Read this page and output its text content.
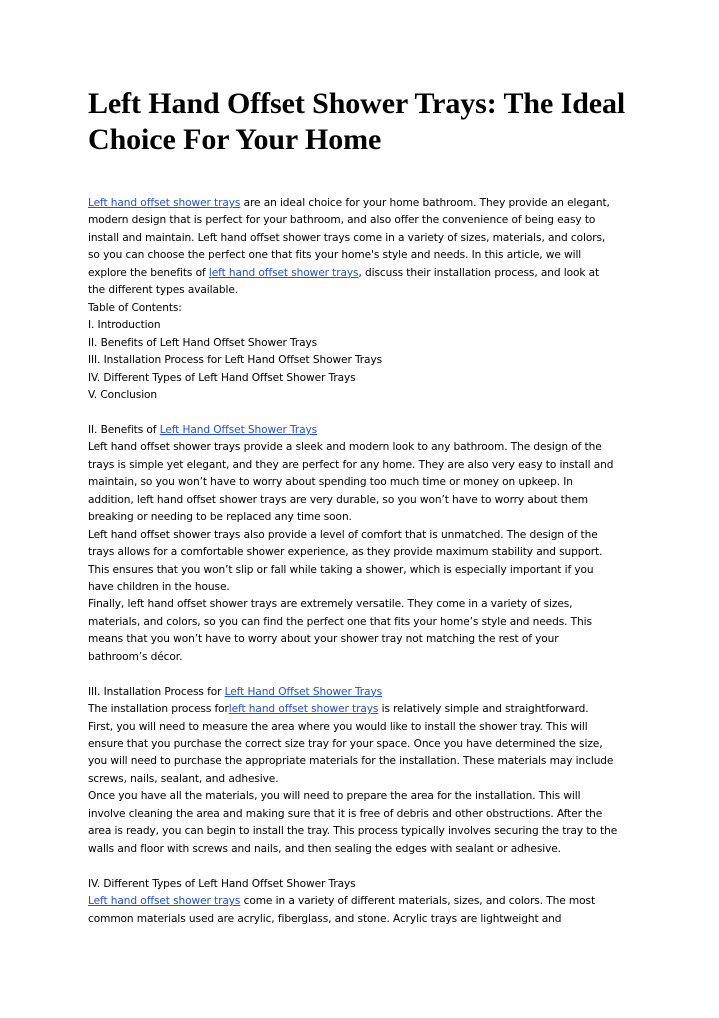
Left Hand Offset Shower Trays: The Ideal
Choice For Your Home
Left hand offset shower trays are an ideal choice for your home bathroom. They provide an elegant,
modern design that is perfect for your bathroom, and also offer the convenience of being easy to
install and maintain. Left hand offset shower trays come in a variety of sizes, materials, and colors,
so you can choose the perfect one that fits your home's style and needs. In this article, we will
explore the benefits of left hand offset shower trays, discuss their installation process, and look at
the different types available.
Table of Contents:
I. Introduction
II. Benefits of Left Hand Offset Shower Trays
III. Installation Process for Left Hand Offset Shower Trays
IV. Different Types of Left Hand Offset Shower Trays
V. Conclusion
II. Benefits of Left Hand Offset Shower Trays
Left hand offset shower trays provide a sleek and modern look to any bathroom. The design of the
trays is simple yet elegant, and they are perfect for any home. They are also very easy to install and
maintain, so you won’t have to worry about spending too much time or money on upkeep. In
addition, left hand offset shower trays are very durable, so you won’t have to worry about them
breaking or needing to be replaced any time soon.
Left hand offset shower trays also provide a level of comfort that is unmatched. The design of the
trays allows for a comfortable shower experience, as they provide maximum stability and support.
This ensures that you won’t slip or fall while taking a shower, which is especially important if you
have children in the house.
Finally, left hand offset shower trays are extremely versatile. They come in a variety of sizes,
materials, and colors, so you can find the perfect one that fits your home’s style and needs. This
means that you won’t have to worry about your shower tray not matching the rest of your
bathroom’s décor.
III. Installation Process for Left Hand Offset Shower Trays
The installation process forleft hand offset shower trays is relatively simple and straightforward.
First, you will need to measure the area where you would like to install the shower tray. This will
ensure that you purchase the correct size tray for your space. Once you have determined the size,
you will need to purchase the appropriate materials for the installation. These materials may include
screws, nails, sealant, and adhesive.
Once you have all the materials, you will need to prepare the area for the installation. This will
involve cleaning the area and making sure that it is free of debris and other obstructions. After the
area is ready, you can begin to install the tray. This process typically involves securing the tray to the
walls and floor with screws and nails, and then sealing the edges with sealant or adhesive.
IV. Different Types of Left Hand Offset Shower Trays
Left hand offset shower trays come in a variety of different materials, sizes, and colors. The most
common materials used are acrylic, fiberglass, and stone. Acrylic trays are lightweight and
